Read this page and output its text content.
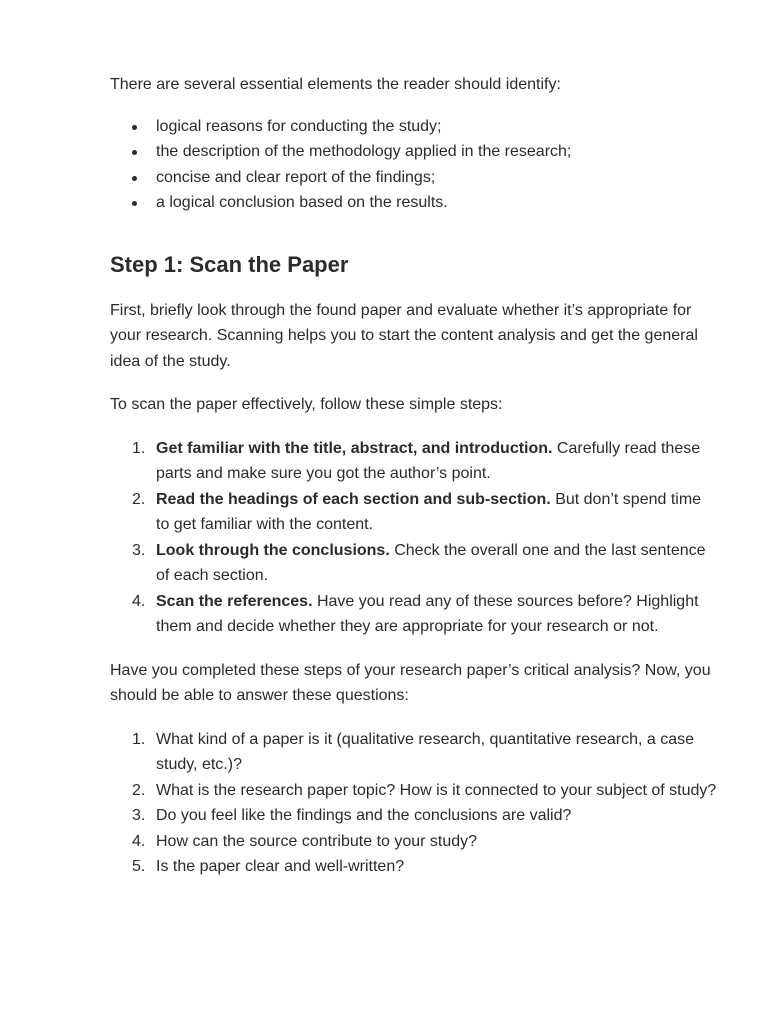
There are several essential elements the reader should identify:

logical reasons for conducting the study;
the description of the methodology applied in the research;
concise and clear report of the findings;
a logical conclusion based on the results.
Step 1: Scan the Paper

First, briefly look through the found paper and evaluate whether it’s appropriate for your research. Scanning helps you to start the content analysis and get the general idea of the study.

To scan the paper effectively, follow these simple steps:

1. Get familiar with the title, abstract, and introduction. Carefully read these parts and make sure you got the author’s point.
2. Read the headings of each section and sub-section. But don’t spend time to get familiar with the content.
3. Look through the conclusions. Check the overall one and the last sentence of each section.
4. Scan the references. Have you read any of these sources before? Highlight them and decide whether they are appropriate for your research or not.

Have you completed these steps of your research paper’s critical analysis? Now, you should be able to answer these questions:

1. What kind of a paper is it (qualitative research, quantitative research, a case study, etc.)?
2. What is the research paper topic? How is it connected to your subject of study?
3. Do you feel like the findings and the conclusions are valid?
4. How can the source contribute to your study?
5. Is the paper clear and well-written?
